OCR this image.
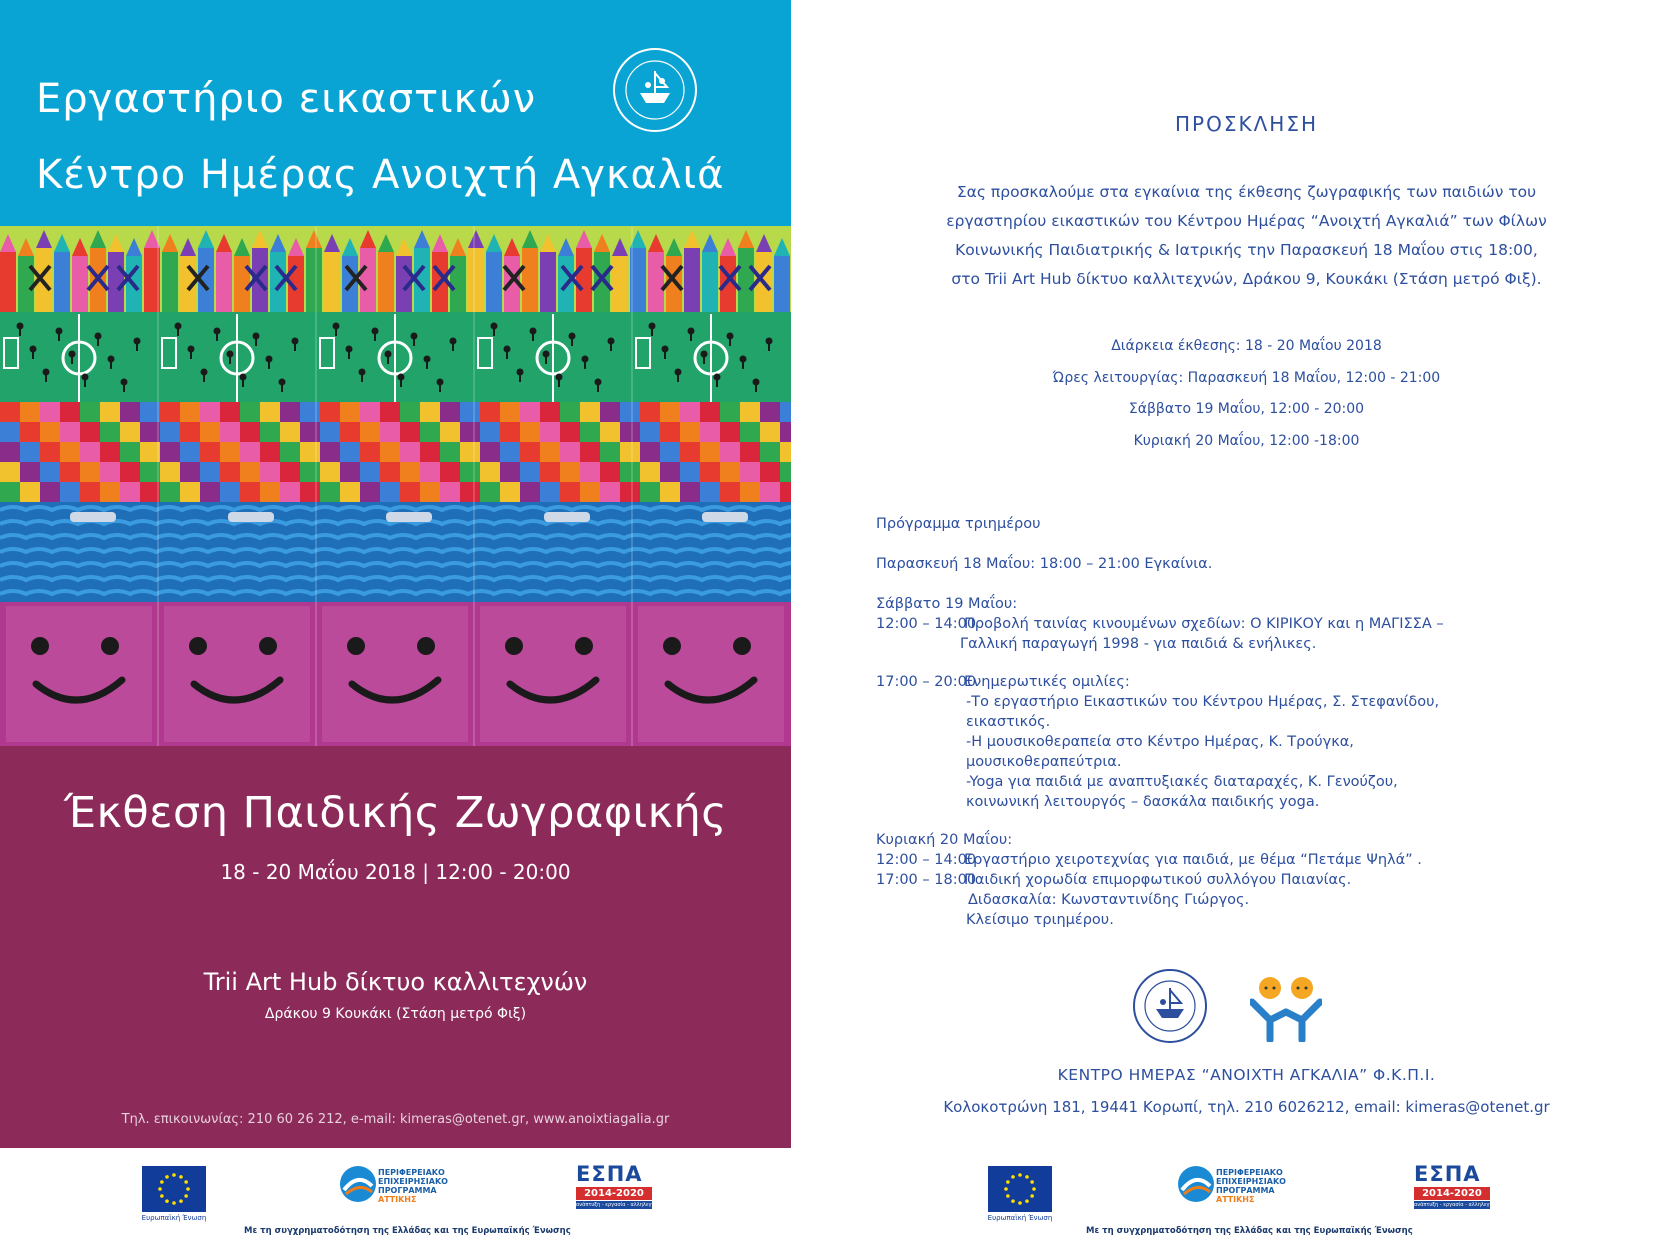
Εργαστήριο εικαστικών
Κέντρο Ημέρας Ανοιχτή Αγκαλιά
Έκθεση Παιδικής Ζωγραφικής
18 - 20 Μαΐου 2018 | 12:00 - 20:00
Trii Art Hub δίκτυο καλλιτεχνών
Δράκου 9 Κουκάκι (Στάση μετρό Φιξ)
Τηλ. επικοινωνίας: 210 60 26 212, e-mail: kimeras@otenet.gr, www.anoixtiagalia.gr
Ευρωπαϊκή Ένωση
ΠΕΡΙΦΕΡΕΙΑΚΟ
ΕΠΙΧΕΙΡΗΣΙΑΚΟ
ΠΡΟΓΡΑΜΜΑ
ΑΤΤΙΚΗΣ
Με τη συγχρηματοδότηση της Ελλάδας και της Ευρωπαϊκής Ένωσης
ΕΣΠΑ
2014-2020
ανάπτυξη - εργασία - αλληλεγγύη
ΠΡΟΣΚΛΗΣΗ
Σας προσκαλούμε στα εγκαίνια της έκθεσης ζωγραφικής των παιδιών του
εργαστηρίου εικαστικών του Κέντρου Ημέρας “Ανοιχτή Αγκαλιά” των Φίλων
Κοινωνικής Παιδιατρικής & Ιατρικής την Παρασκευή 18 Μαΐου στις 18:00,
στο Trii Art Hub δίκτυο καλλιτεχνών, Δράκου 9, Κουκάκι (Στάση μετρό Φιξ).
Διάρκεια έκθεσης: 18 - 20 Μαΐου 2018
Ώρες λειτουργίας: Παρασκευή 18 Μαΐου, 12:00 - 21:00
Σάββατο 19 Μαΐου, 12:00 - 20:00
Κυριακή 20 Μαΐου, 12:00 -18:00
Πρόγραμμα τριημέρου
Παρασκευή 18 Μαΐου: 18:00 – 21:00 Εγκαίνια.
Σάββατο 19 Μαΐου:
12:00 – 14:00
Προβολή ταινίας κινουμένων σχεδίων: Ο ΚΙΡΙΚΟΥ και η ΜΑΓΙΣΣΑ –
Γαλλική παραγωγή 1998 - για παιδιά & ενήλικες.
17:00 – 20:00
Ενημερωτικές ομιλίες:
-Το εργαστήριο Εικαστικών του Κέντρου Ημέρας, Σ. Στεφανίδου,
εικαστικός.
-Η μουσικοθεραπεία στο Κέντρο Ημέρας, Κ. Τρούγκα,
μουσικοθεραπεύτρια.
-Yoga για παιδιά με αναπτυξιακές διαταραχές, Κ. Γενούζου,
κοινωνική λειτουργός – δασκάλα παιδικής yoga.
Κυριακή 20 Μαΐου:
12:00 – 14:00
Εργαστήριο χειροτεχνίας για παιδιά, με θέμα “Πετάμε Ψηλά” .
17:00 – 18:00
Παιδική χορωδία επιμορφωτικού συλλόγου Παιανίας.
Διδασκαλία: Κωνσταντινίδης Γιώργος.
Κλείσιμο τριημέρου.
ΚΕΝΤΡΟ ΗΜΕΡΑΣ “ΑΝΟΙΧΤΗ ΑΓΚΑΛΙΑ” Φ.Κ.Π.Ι.
Κολοκοτρώνη 181, 19441 Κορωπί, τηλ. 210 6026212, email: kimeras@otenet.gr
Ευρωπαϊκή Ένωση
ΠΕΡΙΦΕΡΕΙΑΚΟ
ΕΠΙΧΕΙΡΗΣΙΑΚΟ
ΠΡΟΓΡΑΜΜΑ
ΑΤΤΙΚΗΣ
Με τη συγχρηματοδότηση της Ελλάδας και της Ευρωπαϊκής Ένωσης
ΕΣΠΑ
2014-2020
ανάπτυξη - εργασία - αλληλεγγύη
